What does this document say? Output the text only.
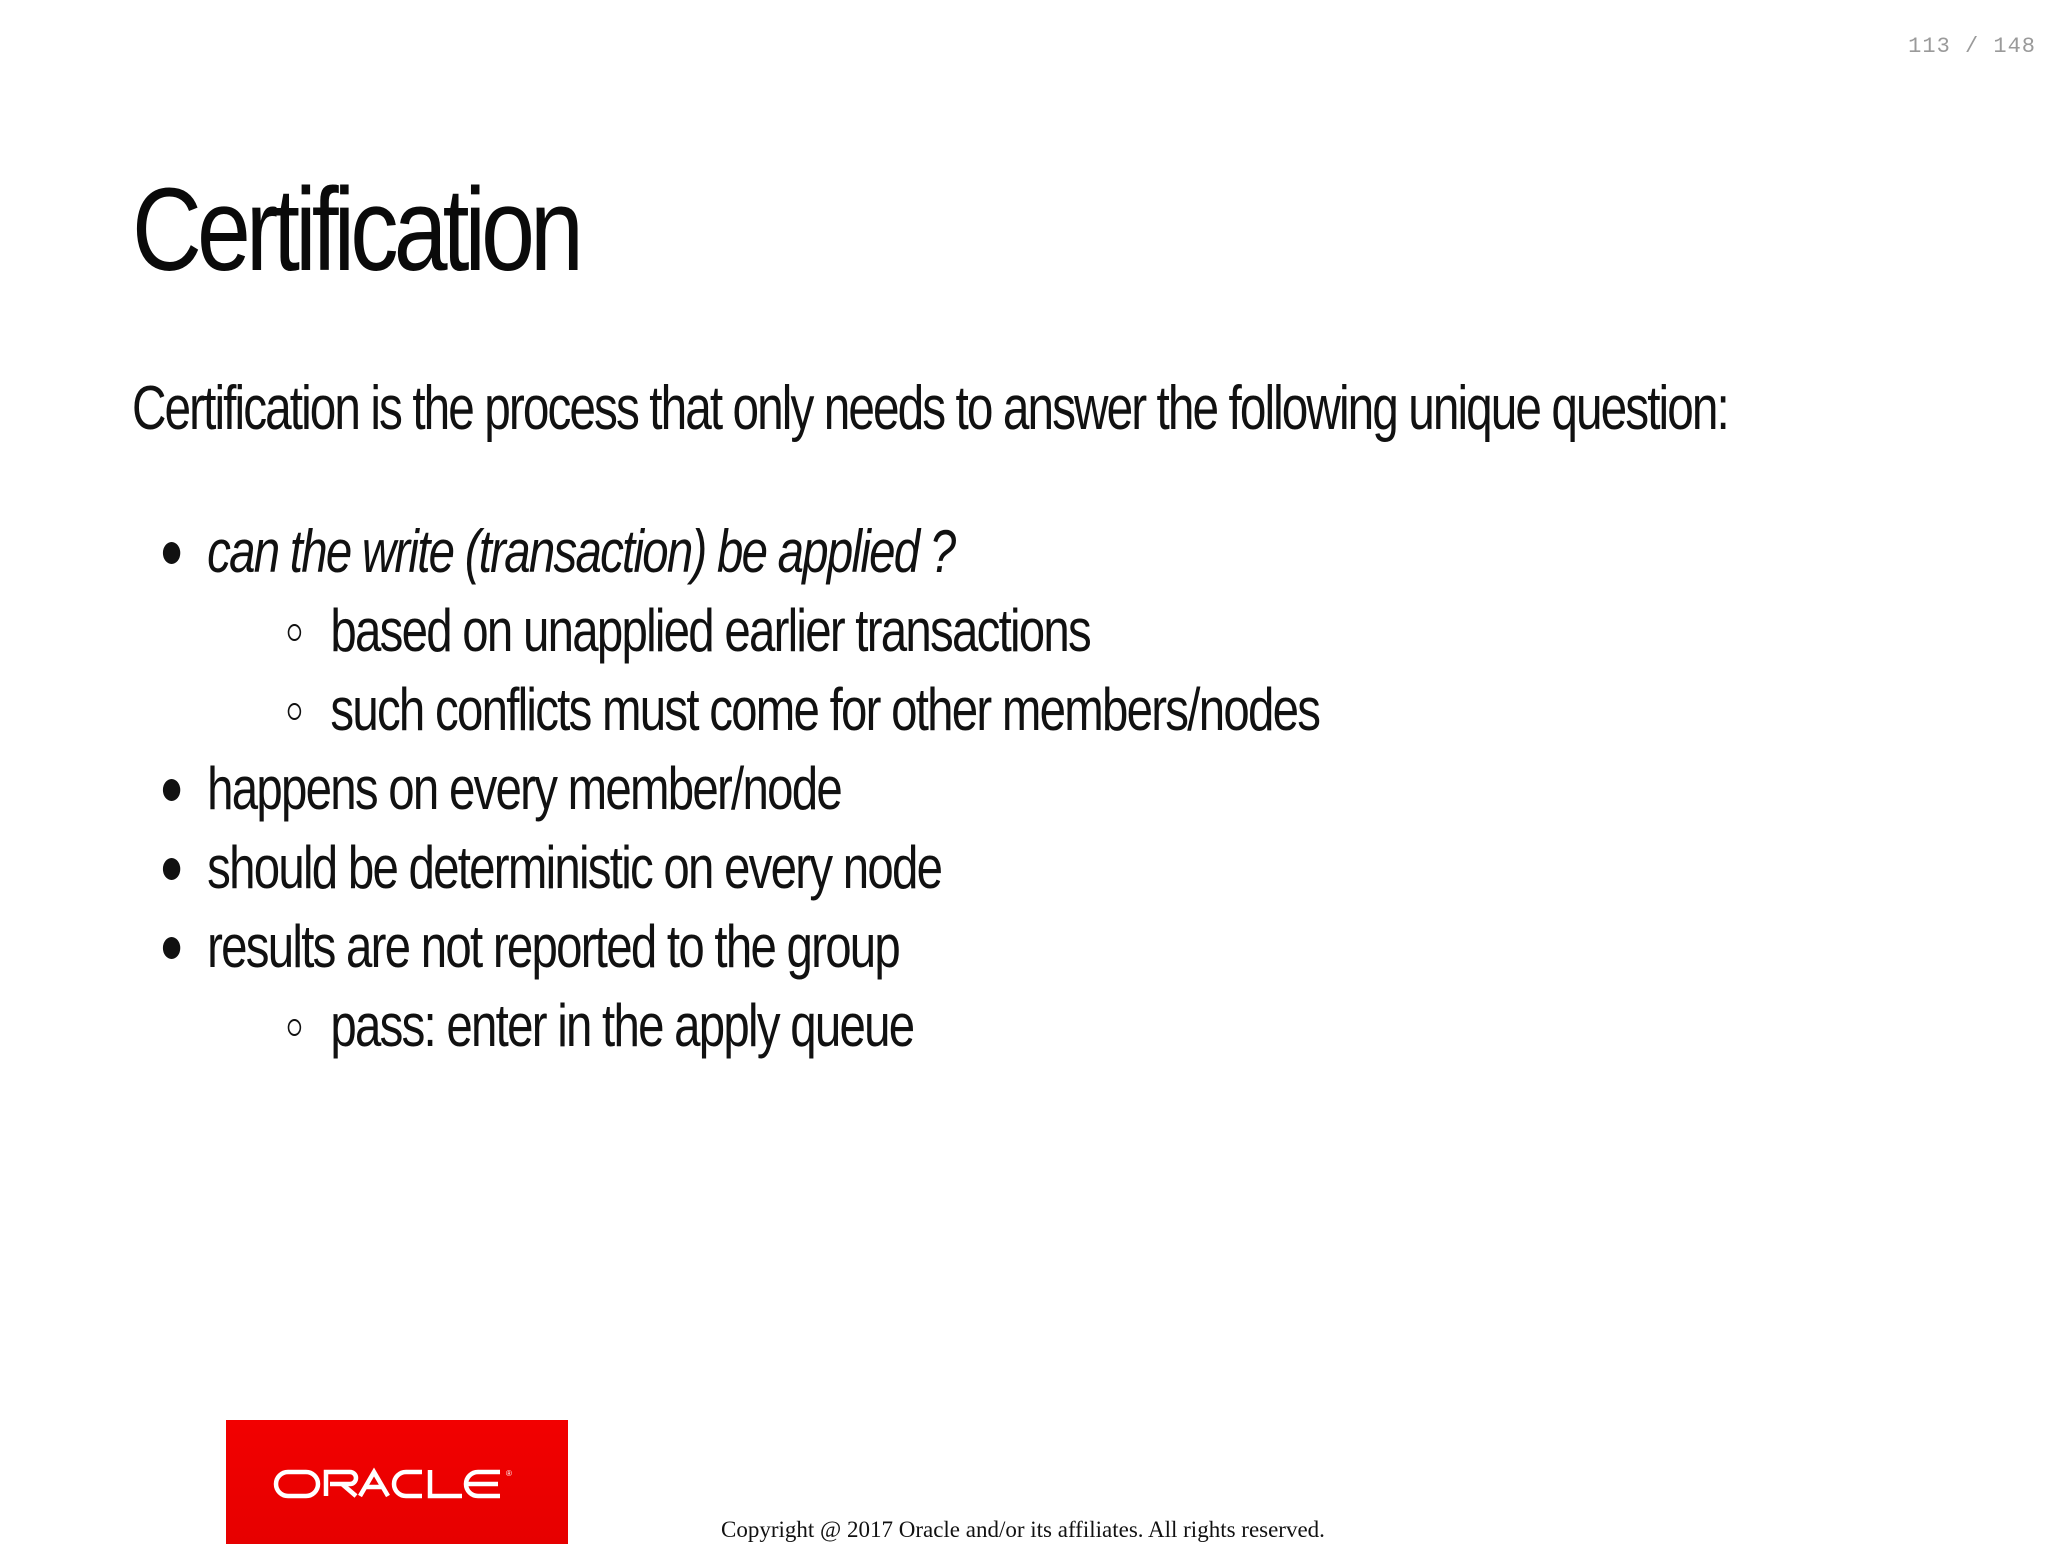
113 / 148
Certification

Certification is the process that only needs to answer the following unique question:

can the write (transaction) be applied ?
based on unapplied earlier transactions
such conflicts must come for other members/nodes
happens on every member/node
should be deterministic on every node
results are not reported to the group
pass: enter in the apply queue
®
Copyright @ 2017 Oracle and/or its affiliates. All rights reserved.
